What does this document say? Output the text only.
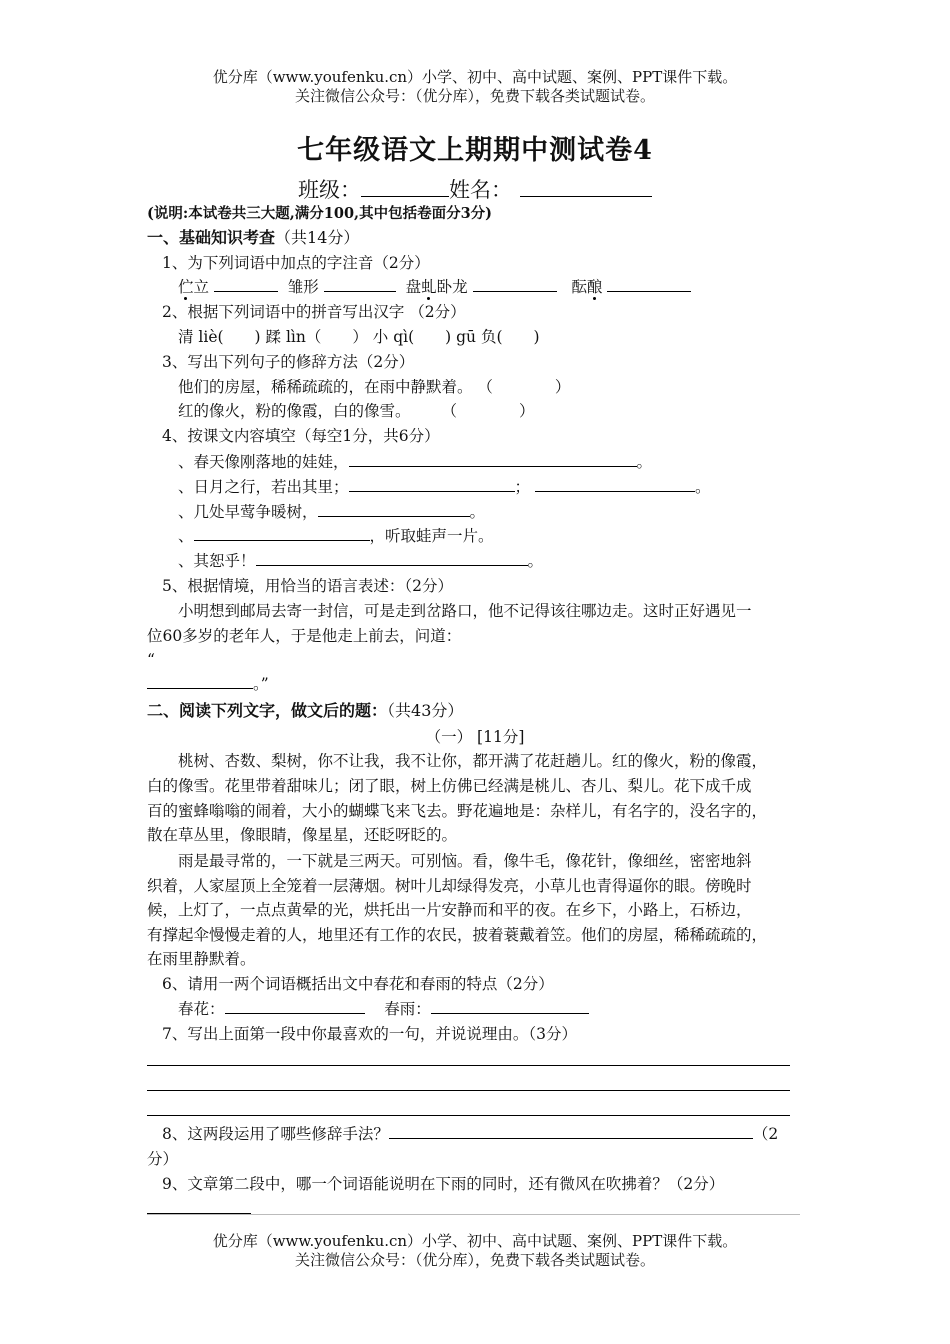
优分库（www.youfenku.cn）小学、初中、高中试题、案例、PPT课件下载。
关注微信公众号：（优分库），免费下载各类试题试卷。
七年级语文上期期中测试卷4
班级：	姓名：
(说明:本试卷共三大题,满分100,其中包括卷面分3分)
一、基础知识考查（共14分）
1、为下列词语中加点的字注音（2分）
伫立	雏形	盘虬卧龙	酝酿
2、根据下列词语中的拼音写出汉字 （2分）
清 liè(　　) 蹂 lìn（　　） 小 qì(　　) gū 负(　　)
3、写出下列句子的修辞方法（2分）
他们的房屋，稀稀疏疏的，在雨中静默着。 （　　　　）
红的像火，粉的像霞，白的像雪。　　　（　　　　）
4、按课文内容填空（每空1分，共6分）
、春天像刚落地的娃娃，	。
、日月之行，若出其里；	；	。
、几处早莺争暖树，	。
、	，听取蛙声一片。
、其恕乎！	。
5、根据情境，用恰当的语言表述：（2分）
小明想到邮局去寄一封信，可是走到岔路口，他不记得该往哪边走。这时正好遇见一
位60多岁的老年人，于是他走上前去，问道：
“
。”
二、阅读下列文字，做文后的题：（共43分）
（一） [11分]
桃树、杏数、梨树，你不让我，我不让你，都开满了花赶趟儿。红的像火，粉的像霞，
白的像雪。花里带着甜味儿；闭了眼，树上仿佛已经满是桃儿、杏儿、梨儿。花下成千成
百的蜜蜂嗡嗡的闹着，大小的蝴蝶飞来飞去。野花遍地是：杂样儿，有名字的，没名字的，
散在草丛里，像眼睛，像星星，还眨呀眨的。
雨是最寻常的，一下就是三两天。可别恼。看，像牛毛，像花针，像细丝，密密地斜
织着，人家屋顶上全笼着一层薄烟。树叶儿却绿得发亮，小草儿也青得逼你的眼。傍晚时
候，上灯了，一点点黄晕的光，烘托出一片安静而和平的夜。在乡下，小路上，石桥边，
有撑起伞慢慢走着的人，地里还有工作的农民，披着蓑戴着笠。他们的房屋，稀稀疏疏的，
在雨里静默着。
6、请用一两个词语概括出文中春花和春雨的特点（2分）
春花：	春雨：
7、写出上面第一段中你最喜欢的一句，并说说理由。（3分）
8、这两段运用了哪些修辞手法？	（2
分）
9、文章第二段中，哪一个词语能说明在下雨的同时，还有微风在吹拂着？（2分）
优分库（www.youfenku.cn）小学、初中、高中试题、案例、PPT课件下载。
关注微信公众号：（优分库），免费下载各类试题试卷。
